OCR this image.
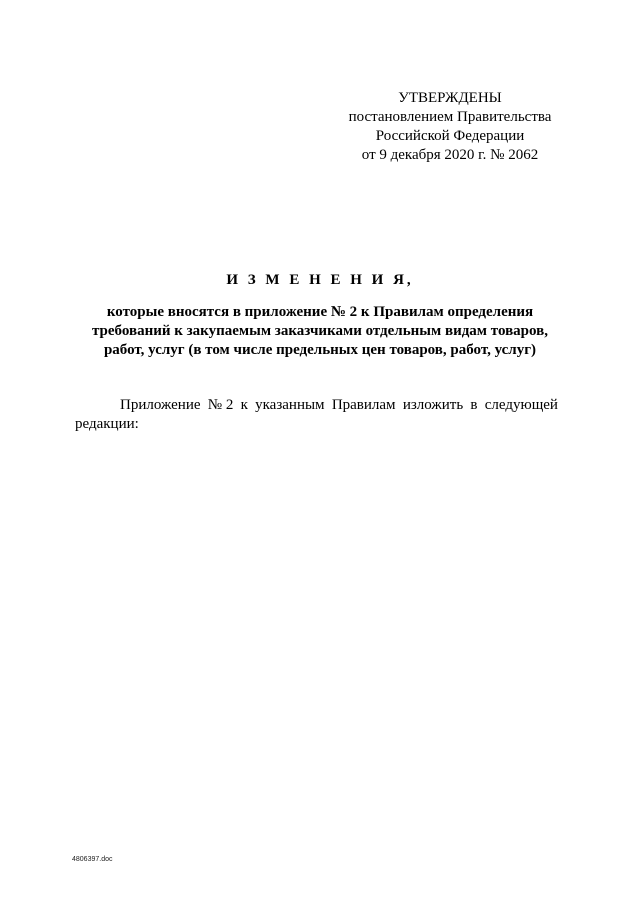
УТВЕРЖДЕНЫ
постановлением Правительства
Российской Федерации
от 9 декабря 2020 г. № 2062
И З М Е Н Е Н И Я,
которые вносятся в приложение № 2 к Правилам определения
требований к закупаемым заказчиками отдельным видам товаров,
работ, услуг (в том числе предельных цен товаров, работ, услуг)
Приложение № 2 к указанным Правилам изложить в следующей
редакции:
4806397.doc
